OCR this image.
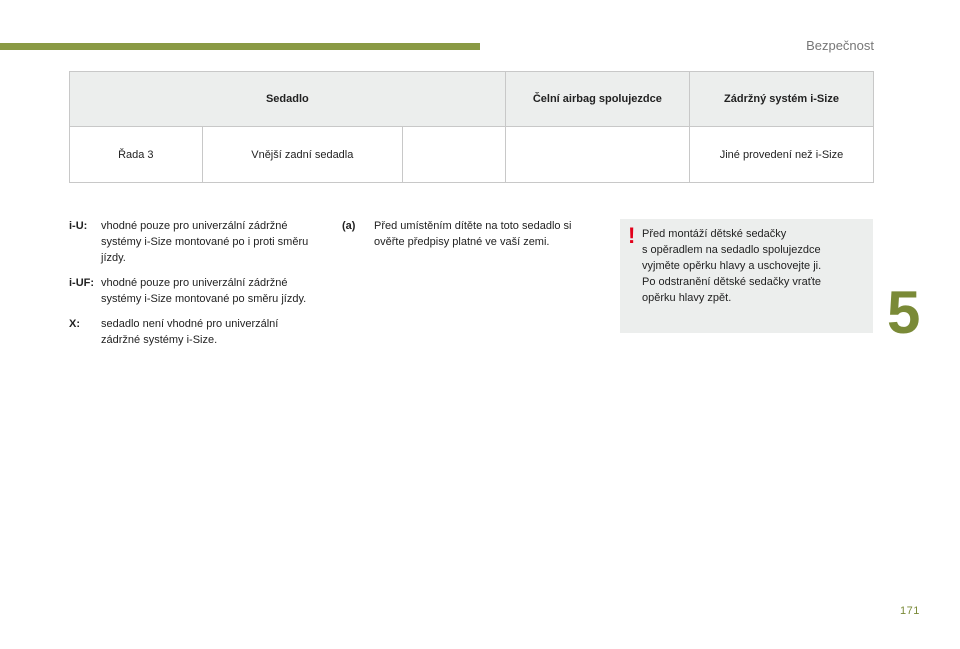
Bezpečnost
Sedadlo			Čelní airbag spolujezdce	Zádržný systém i-Size
Řada 3	Vnější zadní sedadla			Jiné provedení než i-Size
i-U:	vhodné pouze pro univerzální zádržné systémy i-Size montované po i proti směru jízdy.
i-UF: vhodné pouze pro univerzální zádržné systémy i-Size montované po směru jízdy.
X:	sedadlo není vhodné pro univerzální zádržné systémy i-Size.
(a)	Před umístěním dítěte na toto sedadlo si ověřte předpisy platné ve vaší zemi.	! Před montáží dětské sedačky
s opěradlem na sedadlo spolujezdce
vyjměte opěrku hlavy a uschovejte ji.
Po odstranění dětské sedačky vraťte
opěrku hlavy zpět.	5
171
